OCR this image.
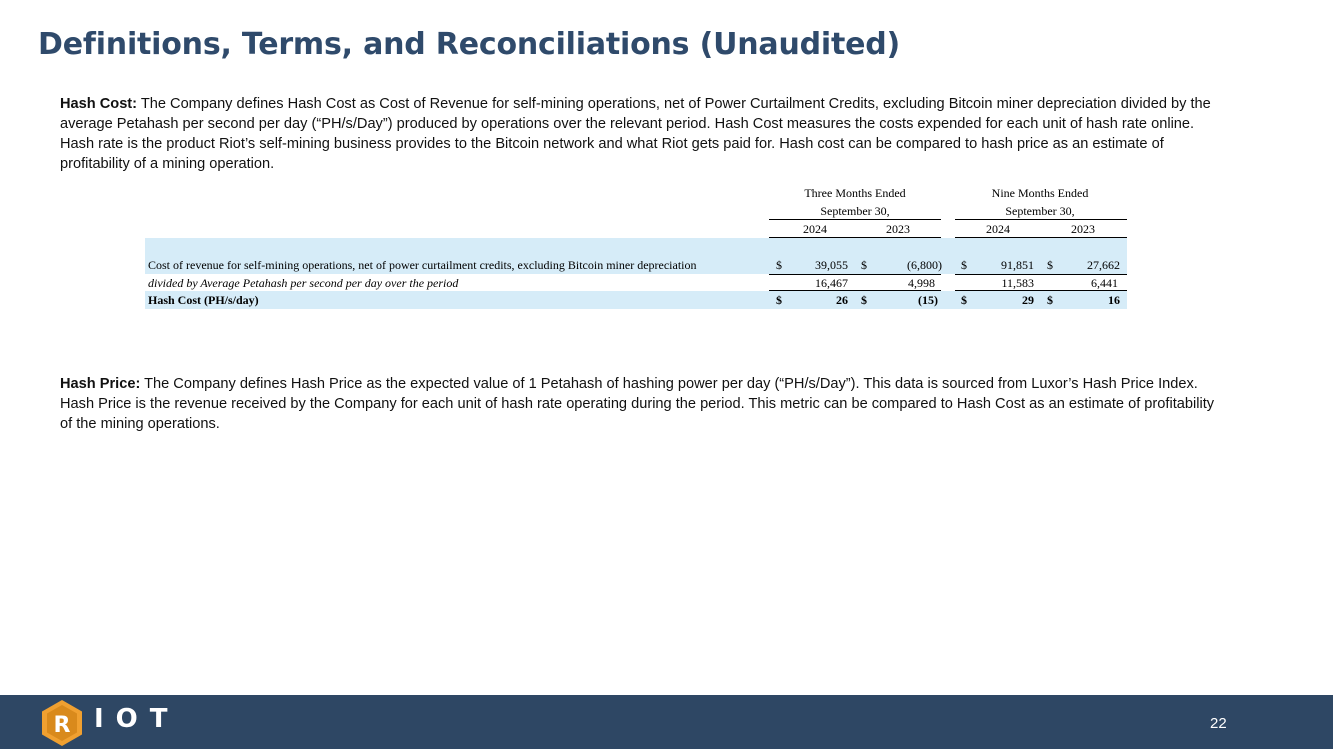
Definitions, Terms, and Reconciliations (Unaudited)

Hash Cost: The Company defines Hash Cost as Cost of Revenue for self-mining operations, net of Power Curtailment Credits, excluding Bitcoin miner depreciation divided by the average Petahash per second per day (“PH/s/Day”) produced by operations over the relevant period. Hash Cost measures the costs expended for each unit of hash rate online. Hash rate is the product Riot’s self-mining business provides to the Bitcoin network and what Riot gets paid for. Hash cost can be compared to hash price as an estimate of profitability of a mining operation.

Three Months Ended
September 30,
Nine Months Ended
September 30,
2024	2023	2024	2023
Cost of revenue for self-mining operations, net of power curtailment credits, excluding Bitcoin miner depreciation	$	39,055 $	(6,800) $	91,851 $	27,662
divided by Average Petahash per second per day over the period	16,467	4,998	11,583	6,441
Hash Cost (PH/s/day)	$	26 $	(15) $	29 $	16

Hash Price: The Company defines Hash Price as the expected value of 1 Petahash of hashing power per day (“PH/s/Day”). This data is sourced from Luxor’s Hash Price Index. Hash Price is the revenue received by the Company for each unit of hash rate operating during the period. This metric can be compared to Hash Cost as an estimate of profitability of the mining operations.

R IOT	22
